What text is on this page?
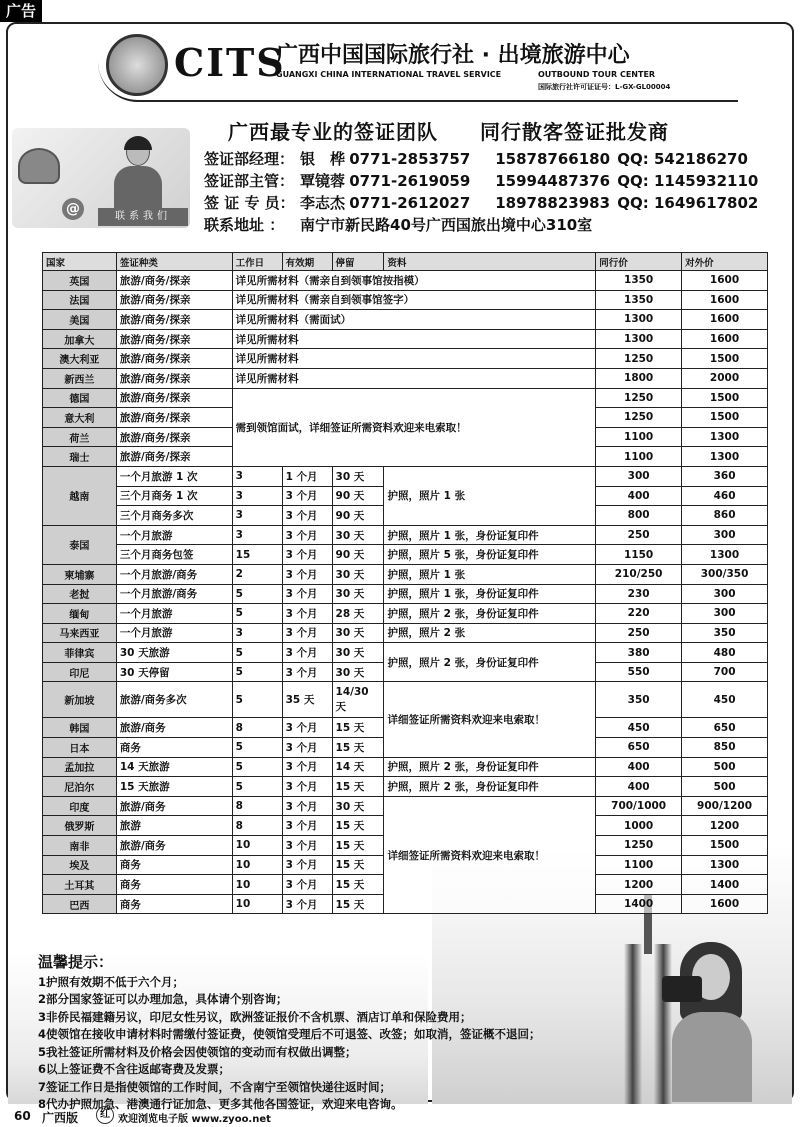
广告
CITS
广西中国国际旅行社 · 出境旅游中心
GUANGXI CHINA INTERNATIONAL TRAVEL SERVICE	OUTBOUND TOUR CENTER
国际旅行社许可证证号：L-GX-GL00004
广西最专业的签证团队 同行散客签证批发商
@	联系我们
签证部经理： 银　桦 0771-2853757 15878766180 QQ: 542186270
签证部主管： 覃镜蓉 0771-2619059 15994487376 QQ: 1145932110
签 证 专 员： 李志杰 0771-2612027 18978823983 QQ: 1649617802
联系地址 ： 南宁市新民路40号广西国旅出境中心310室
国家	签证种类	工作日	有效期	停留	资料	同行价	对外价
英国	旅游/商务/探亲	详见所需材料（需亲自到领事馆按指模）				1350	1600
法国	旅游/商务/探亲	详见所需材料（需亲自到领事馆签字）				1350	1600
美国	旅游/商务/探亲	详见所需材料（需面试）				1300	1600
加拿大	旅游/商务/探亲	详见所需材料				1300	1600
澳大利亚	旅游/商务/探亲	详见所需材料				1250	1500
新西兰	旅游/商务/探亲	详见所需材料				1800	2000
德国	旅游/商务/探亲	需到领馆面试，详细签证所需资料欢迎来电索取！				1250	1500
意大利	旅游/商务/探亲					1250	1500
荷兰	旅游/商务/探亲					1100	1300
瑞士	旅游/商务/探亲					1100	1300
越南	一个月旅游 1 次	3	1 个月	30 天	护照，照片 1 张	300	360
	三个月商务 1 次	3	3 个月	90 天		400	460
	三个月商务多次	3	3 个月	90 天		800	860
泰国	一个月旅游	3	3 个月	30 天	护照，照片 1 张，身份证复印件	250	300
	三个月商务包签	15	3 个月	90 天	护照，照片 5 张，身份证复印件	1150	1300
柬埔寨	一个月旅游/商务	2	3 个月	30 天	护照，照片 1 张	210/250	300/350
老挝	一个月旅游/商务	5	3 个月	30 天	护照，照片 1 张，身份证复印件	230	300
缅甸	一个月旅游	5	3 个月	28 天	护照，照片 2 张，身份证复印件	220	300
马来西亚	一个月旅游	3	3 个月	30 天	护照，照片 2 张	250	350
菲律宾	30 天旅游	5	3 个月	30 天	护照，照片 2 张，身份证复印件	380	480
印尼	30 天停留	5	3 个月	30 天		550	700
新加坡	旅游/商务多次	5	35 天	14/30 天	详细签证所需资料欢迎来电索取！	350	450
韩国	旅游/商务	8	3 个月	15 天		450	650
日本	商务	5	3 个月	15 天		650	850
孟加拉	14 天旅游	5	3 个月	14 天	护照，照片 2 张，身份证复印件	400	500
尼泊尔	15 天旅游	5	3 个月	15 天	护照，照片 2 张，身份证复印件	400	500
印度	旅游/商务	8	3 个月	30 天	详细签证所需资料欢迎来电索取！	700/1000	900/1200
俄罗斯	旅游	8	3 个月	15 天		1000	1200
南非	旅游/商务	10	3 个月	15 天		1250	1500
埃及	商务	10	3 个月	15 天		1100	1300
土耳其	商务	10	3 个月	15 天		1200	1400
巴西	商务	10	3 个月	15 天		1400	1600
温馨提示：
1护照有效期不低于六个月；
2部分国家签证可以办理加急，具体请个别咨询；
3非侨民福建籍另议，印尼女性另议，欧洲签证报价不含机票、酒店订单和保险费用；
4使领馆在接收申请材料时需缴付签证费，使领馆受理后不可退签、改签；如取消，签证概不退回；
5我社签证所需材料及价格会因使领馆的变动而有权做出调整；
6以上签证费不含往返邮寄费及发票；
7签证工作日是指使领馆的工作时间，不含南宁至领馆快递往返时间；
8代办护照加急、港澳通行证加急、更多其他各国签证，欢迎来电咨询。
60 广西版	红 欢迎浏览电子版 www.zyoo.net
